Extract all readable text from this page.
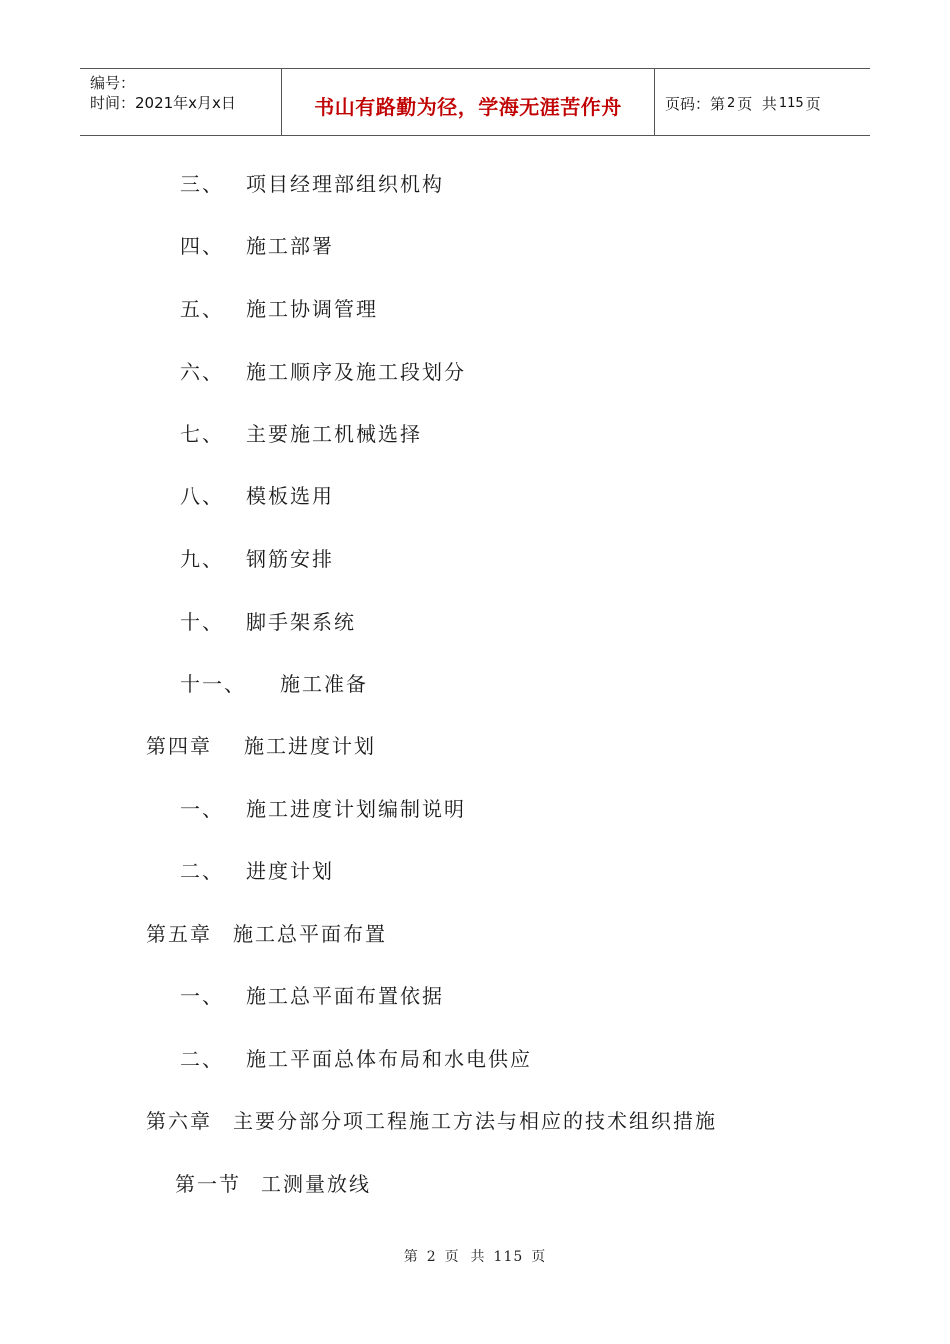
编号：
时间：2021年x月x日	书山有路勤为径，学海无涯苦作舟	页码：第 2 页  共 115 页
三、 项目经理部组织机构
四、 施工部署
五、 施工协调管理
六、 施工顺序及施工段划分
七、 主要施工机械选择
八、 模板选用
九、 钢筋安排
十、 脚手架系统
十一、 施工准备
第四章 施工进度计划
一、 施工进度计划编制说明
二、 进度计划
第五章 施工总平面布置
一、 施工总平面布置依据
二、 施工平面总体布局和水电供应
第六章 主要分部分项工程施工方法与相应的技术组织措施
第一节 工测量放线
第 2 页  共 115 页
